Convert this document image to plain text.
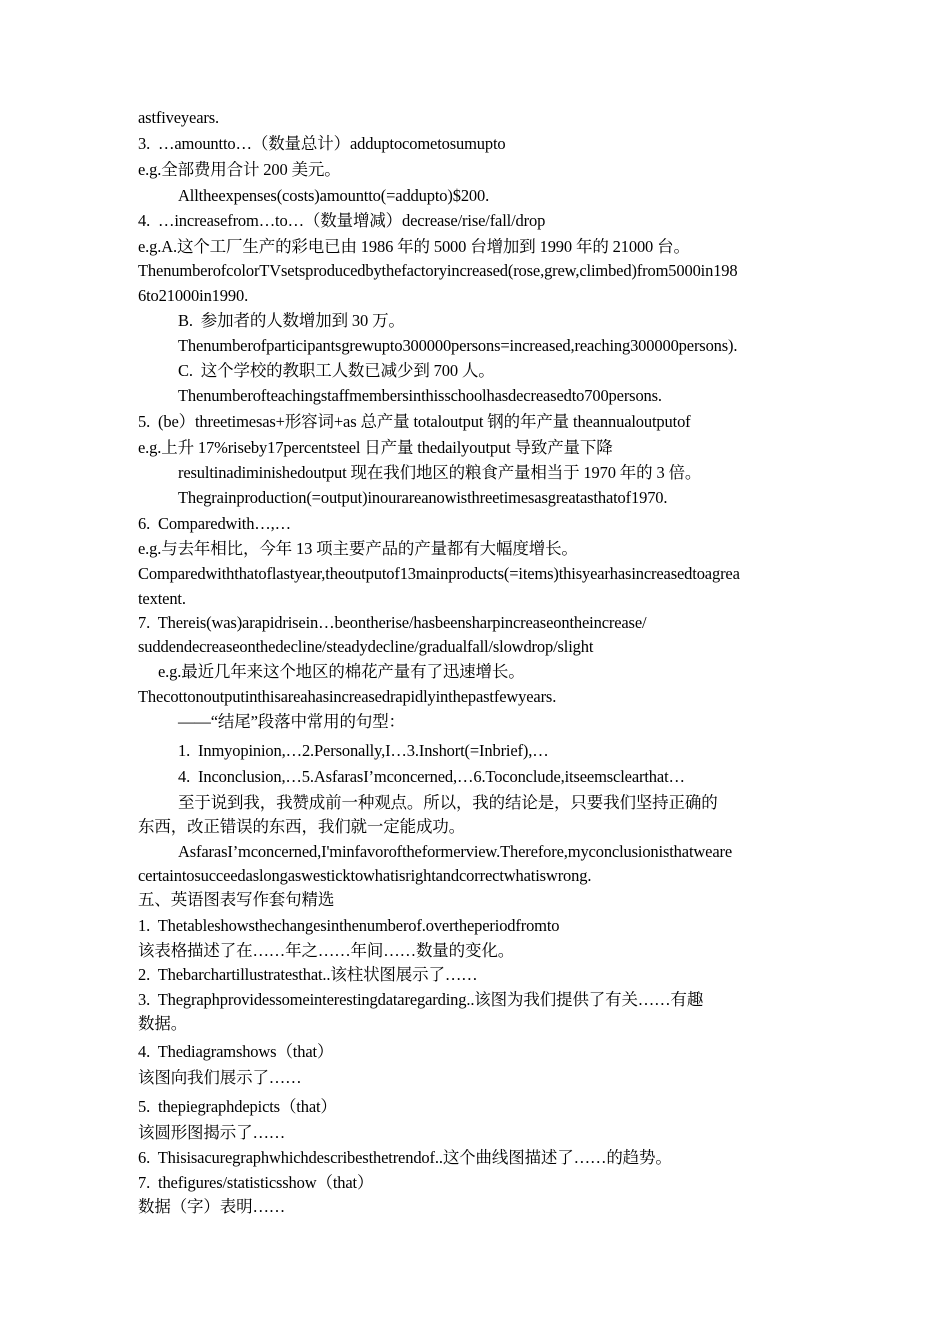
astfiveyears.
3.  …amountto…（数量总计）adduptocometosumupto
e.g.全部费用合计 200 美元。
Alltheexpenses(costs)amountto(=addupto)$200.
4.  …increasefrom…to…（数量增减）decrease/rise/fall/drop
e.g.A.这个工厂生产的彩电已由 1986 年的 5000 台增加到 1990 年的 21000 台。
ThenumberofcolorTVsetsproducedbythefactoryincreased(rose,grew,climbed)from5000in198
6to21000in1990.
B.  参加者的人数增加到 30 万。
Thenumberofparticipantsgrewupto300000persons=increased,reaching300000persons).
C.  这个学校的教职工人数已减少到 700 人。
Thenumberofteachingstaffmembersinthisschoolhasdecreasedto700persons.
5.  (be）threetimesas+形容词+as 总产量 totaloutput 钢的年产量 theannualoutputof
e.g.上升 17%riseby17percentsteel 日产量 thedailyoutput 导致产量下降
resultinadiminishedoutput 现在我们地区的粮食产量相当于 1970 年的 3 倍。
Thegrainproduction(=output)inourareanowisthreetimesasgreatasthatof1970.
6.  Comparedwith…,…
e.g.与去年相比，今年 13 项主要产品的产量都有大幅度增长。
Comparedwiththatoflastyear,theoutputof13mainproducts(=items)thisyearhasincreasedtoagrea
textent.
7.  Thereis(was)arapidrisein…beontherise/hasbeensharpincreaseontheincrease/
suddendecreaseonthedecline/steadydecline/gradualfall/slowdrop/slight
e.g.最近几年来这个地区的棉花产量有了迅速增长。
Thecottonoutputinthisareahasincreasedrapidlyinthepastfewyears.
——“结尾”段落中常用的句型：
1.  Inmyopinion,…2.Personally,I…3.Inshort(=Inbrief),…
4.  Inconclusion,…5.AsfarasI’mconcerned,…6.Toconclude,itseemsclearthat…
至于说到我，我赞成前一种观点。所以，我的结论是，只要我们坚持正确的
东西，改正错误的东西，我们就一定能成功。
AsfarasI’mconcerned,I'minfavoroftheformerview.Therefore,myconclusionisthatweare
certaintosucceedaslongaswesticktowhatisrightandcorrectwhatiswrong.
五、英语图表写作套句精选
1.  Thetableshowsthechangesinthenumberof.overtheperiodfromto
该表格描述了在……年之……年间……数量的变化。
2.  Thebarchartillustratesthat..该柱状图展示了……
3.  Thegraphprovidessomeinterestingdataregarding..该图为我们提供了有关……有趣
数据。
4.  Thediagramshows（that）
该图向我们展示了……
5.  thepiegraphdepicts（that）
该圆形图揭示了……
6.  Thisisacuregraphwhichdescribesthetrendof..这个曲线图描述了……的趋势。
7.  thefigures/statisticsshow（that）
数据（字）表明……
